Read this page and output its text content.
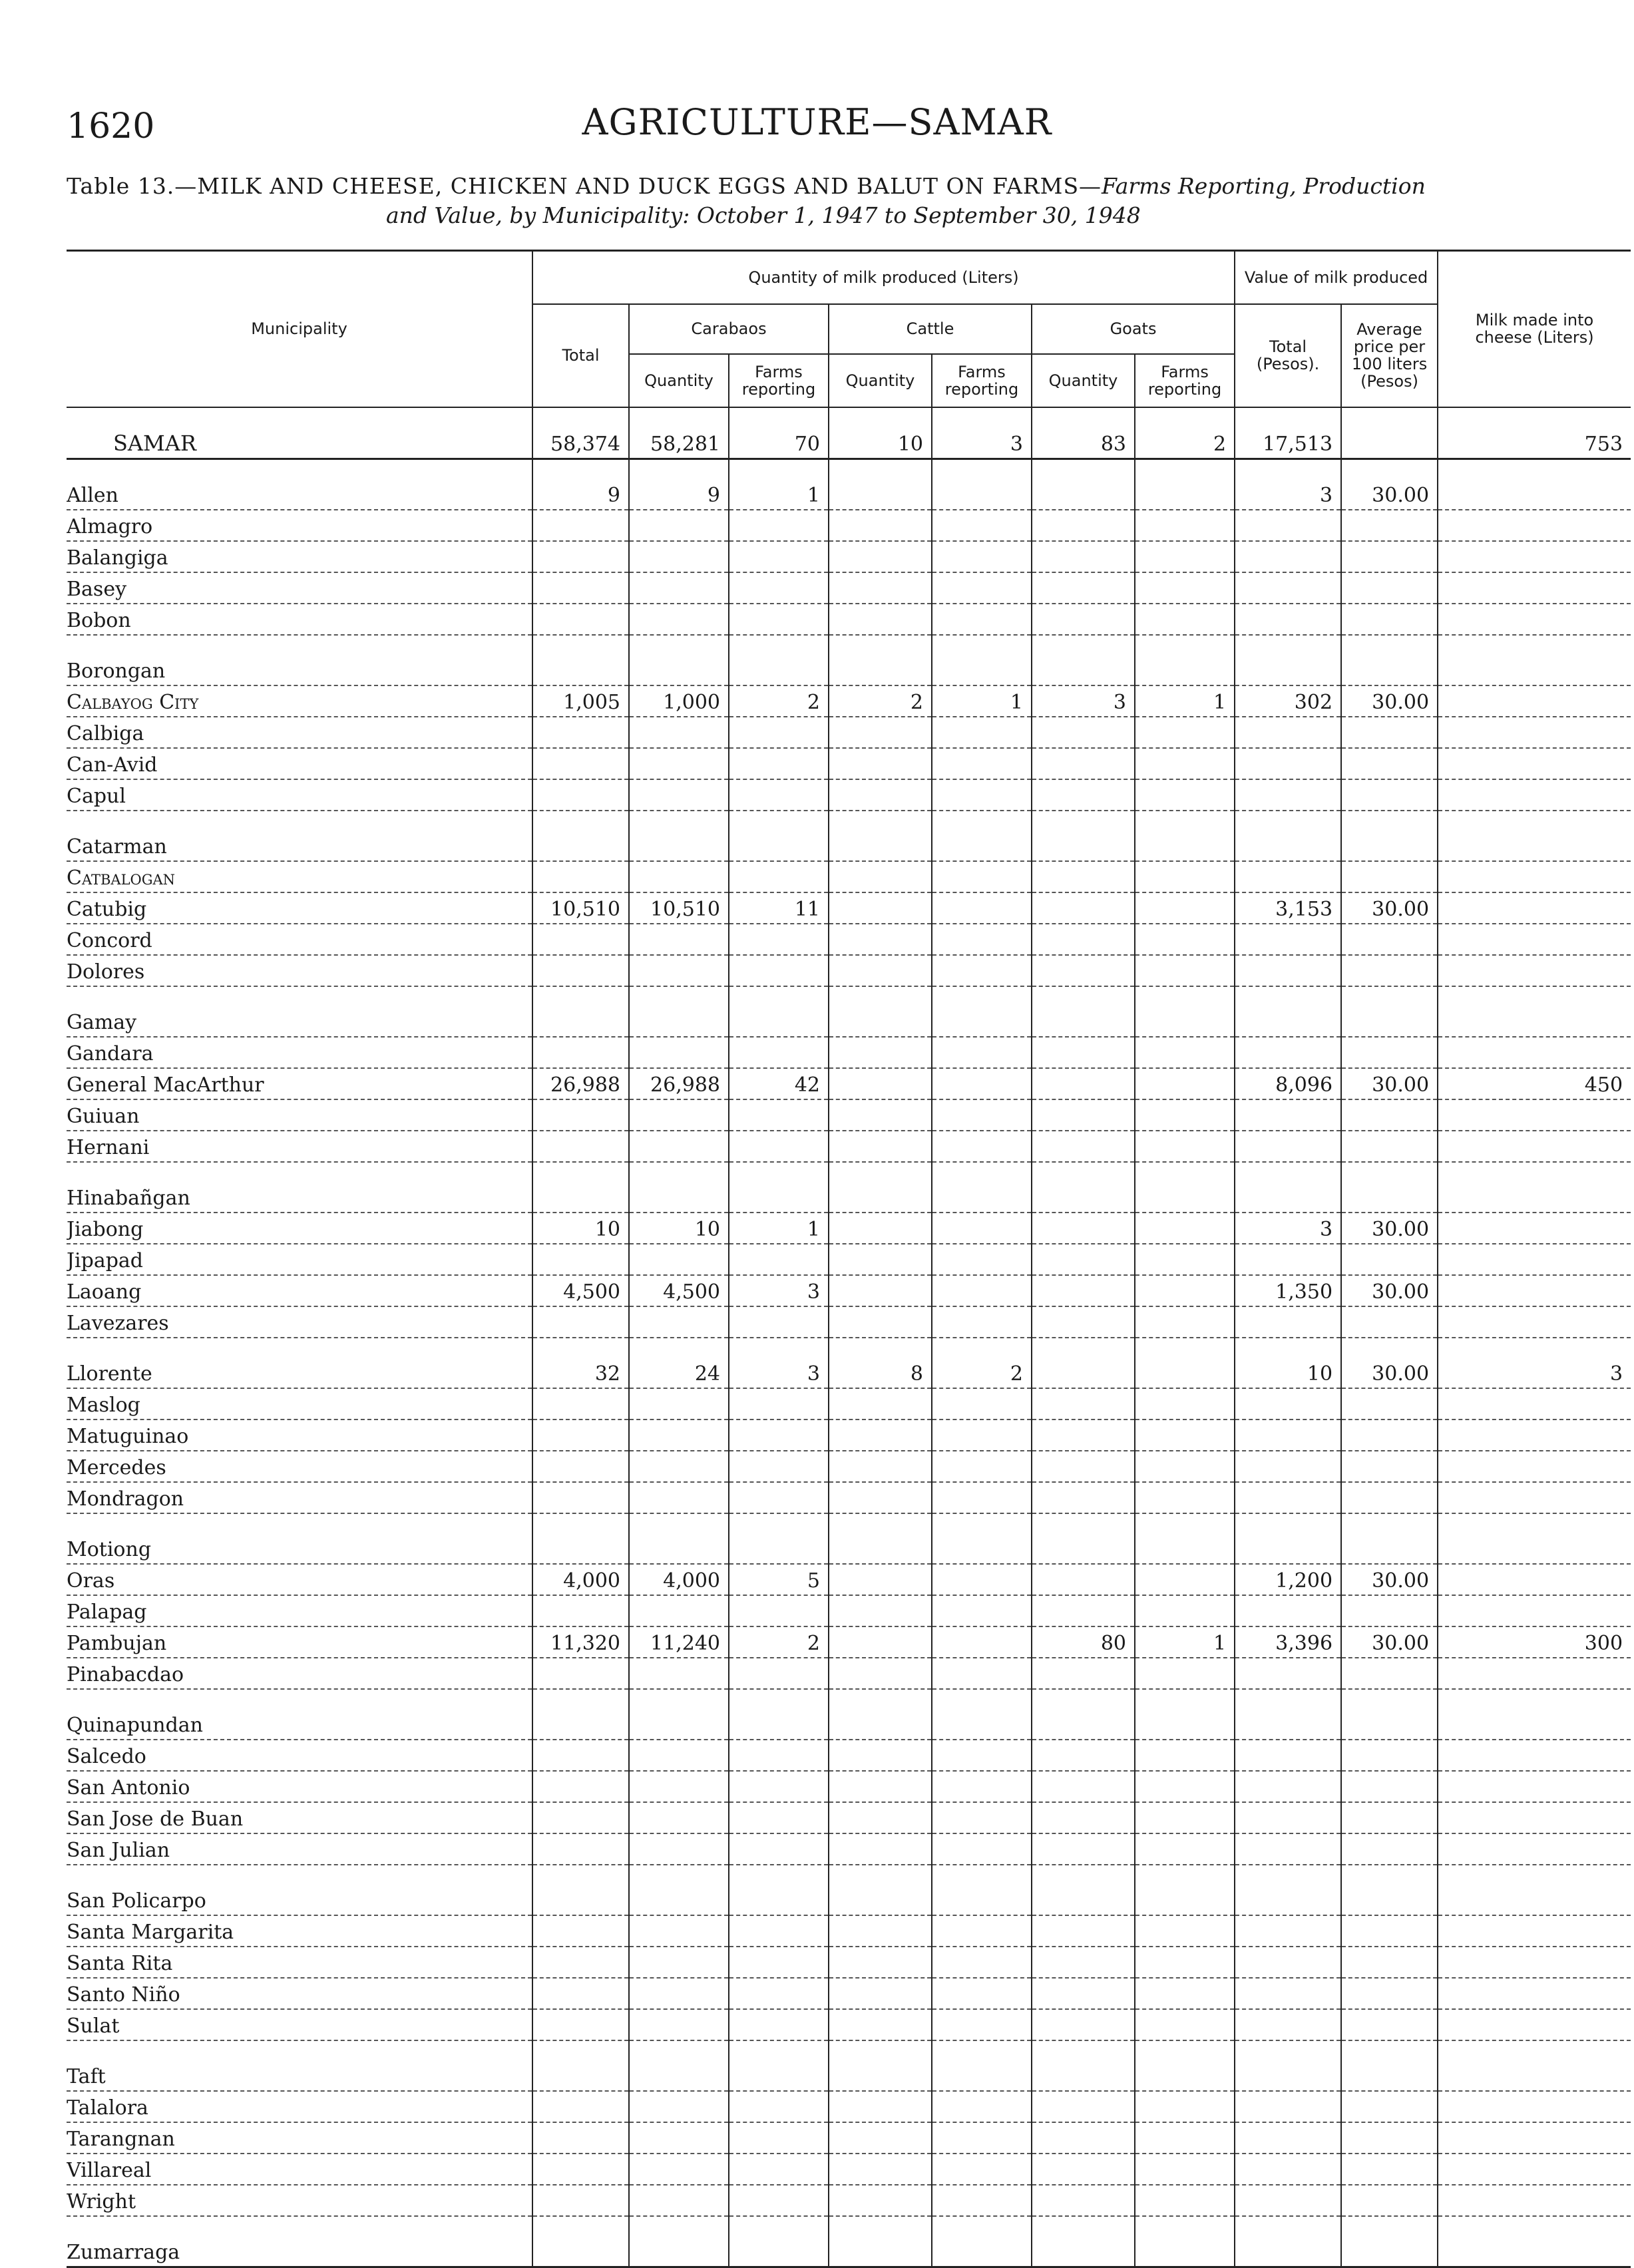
1620	AGRICULTURE—SAMAR
Table 13.—MILK AND CHEESE, CHICKEN AND DUCK EGGS AND BALUT ON FARMS—Farms Reporting, Production
and Value, by Municipality: October 1, 1947 to September 30, 1948
Municipality	Quantity of milk produced (Liters)							Value of milk produced		Milk made into cheese (Liters)
	Total	Carabaos		Cattle		Goats		Total (Pesos).	Average price per 100 liters (Pesos)	
		Quantity	Farms reporting	Quantity	Farms reporting	Quantity	Farms reporting			
SAMAR	58,374	58,281	70	10	3	83	2	17,513		753

Allen	9	9	1					3	30.00	
Almagro										
Balangiga										
Basey										
Bobon										

Borongan										
Calbayog City	1,005	1,000	2	2	1	3	1	302	30.00	
Calbiga										
Can-Avid										
Capul										

Catarman										
Catbalogan										
Catubig	10,510	10,510	11					3,153	30.00	
Concord										
Dolores										

Gamay										
Gandara										
General MacArthur	26,988	26,988	42					8,096	30.00	450
Guiuan										
Hernani										

Hinabañgan										
Jiabong	10	10	1					3	30.00	
Jipapad										
Laoang	4,500	4,500	3					1,350	30.00	
Lavezares										

Llorente	32	24	3	8	2			10	30.00	3
Maslog										
Matuguinao										
Mercedes										
Mondragon										

Motiong										
Oras	4,000	4,000	5					1,200	30.00	
Palapag										
Pambujan	11,320	11,240	2			80	1	3,396	30.00	300
Pinabacdao										

Quinapundan										
Salcedo										
San Antonio										
San Jose de Buan										
San Julian										

San Policarpo										
Santa Margarita										
Santa Rita										
Santo Niño										
Sulat										

Taft										
Talalora										
Tarangnan										
Villareal										
Wright										

Zumarraga										
